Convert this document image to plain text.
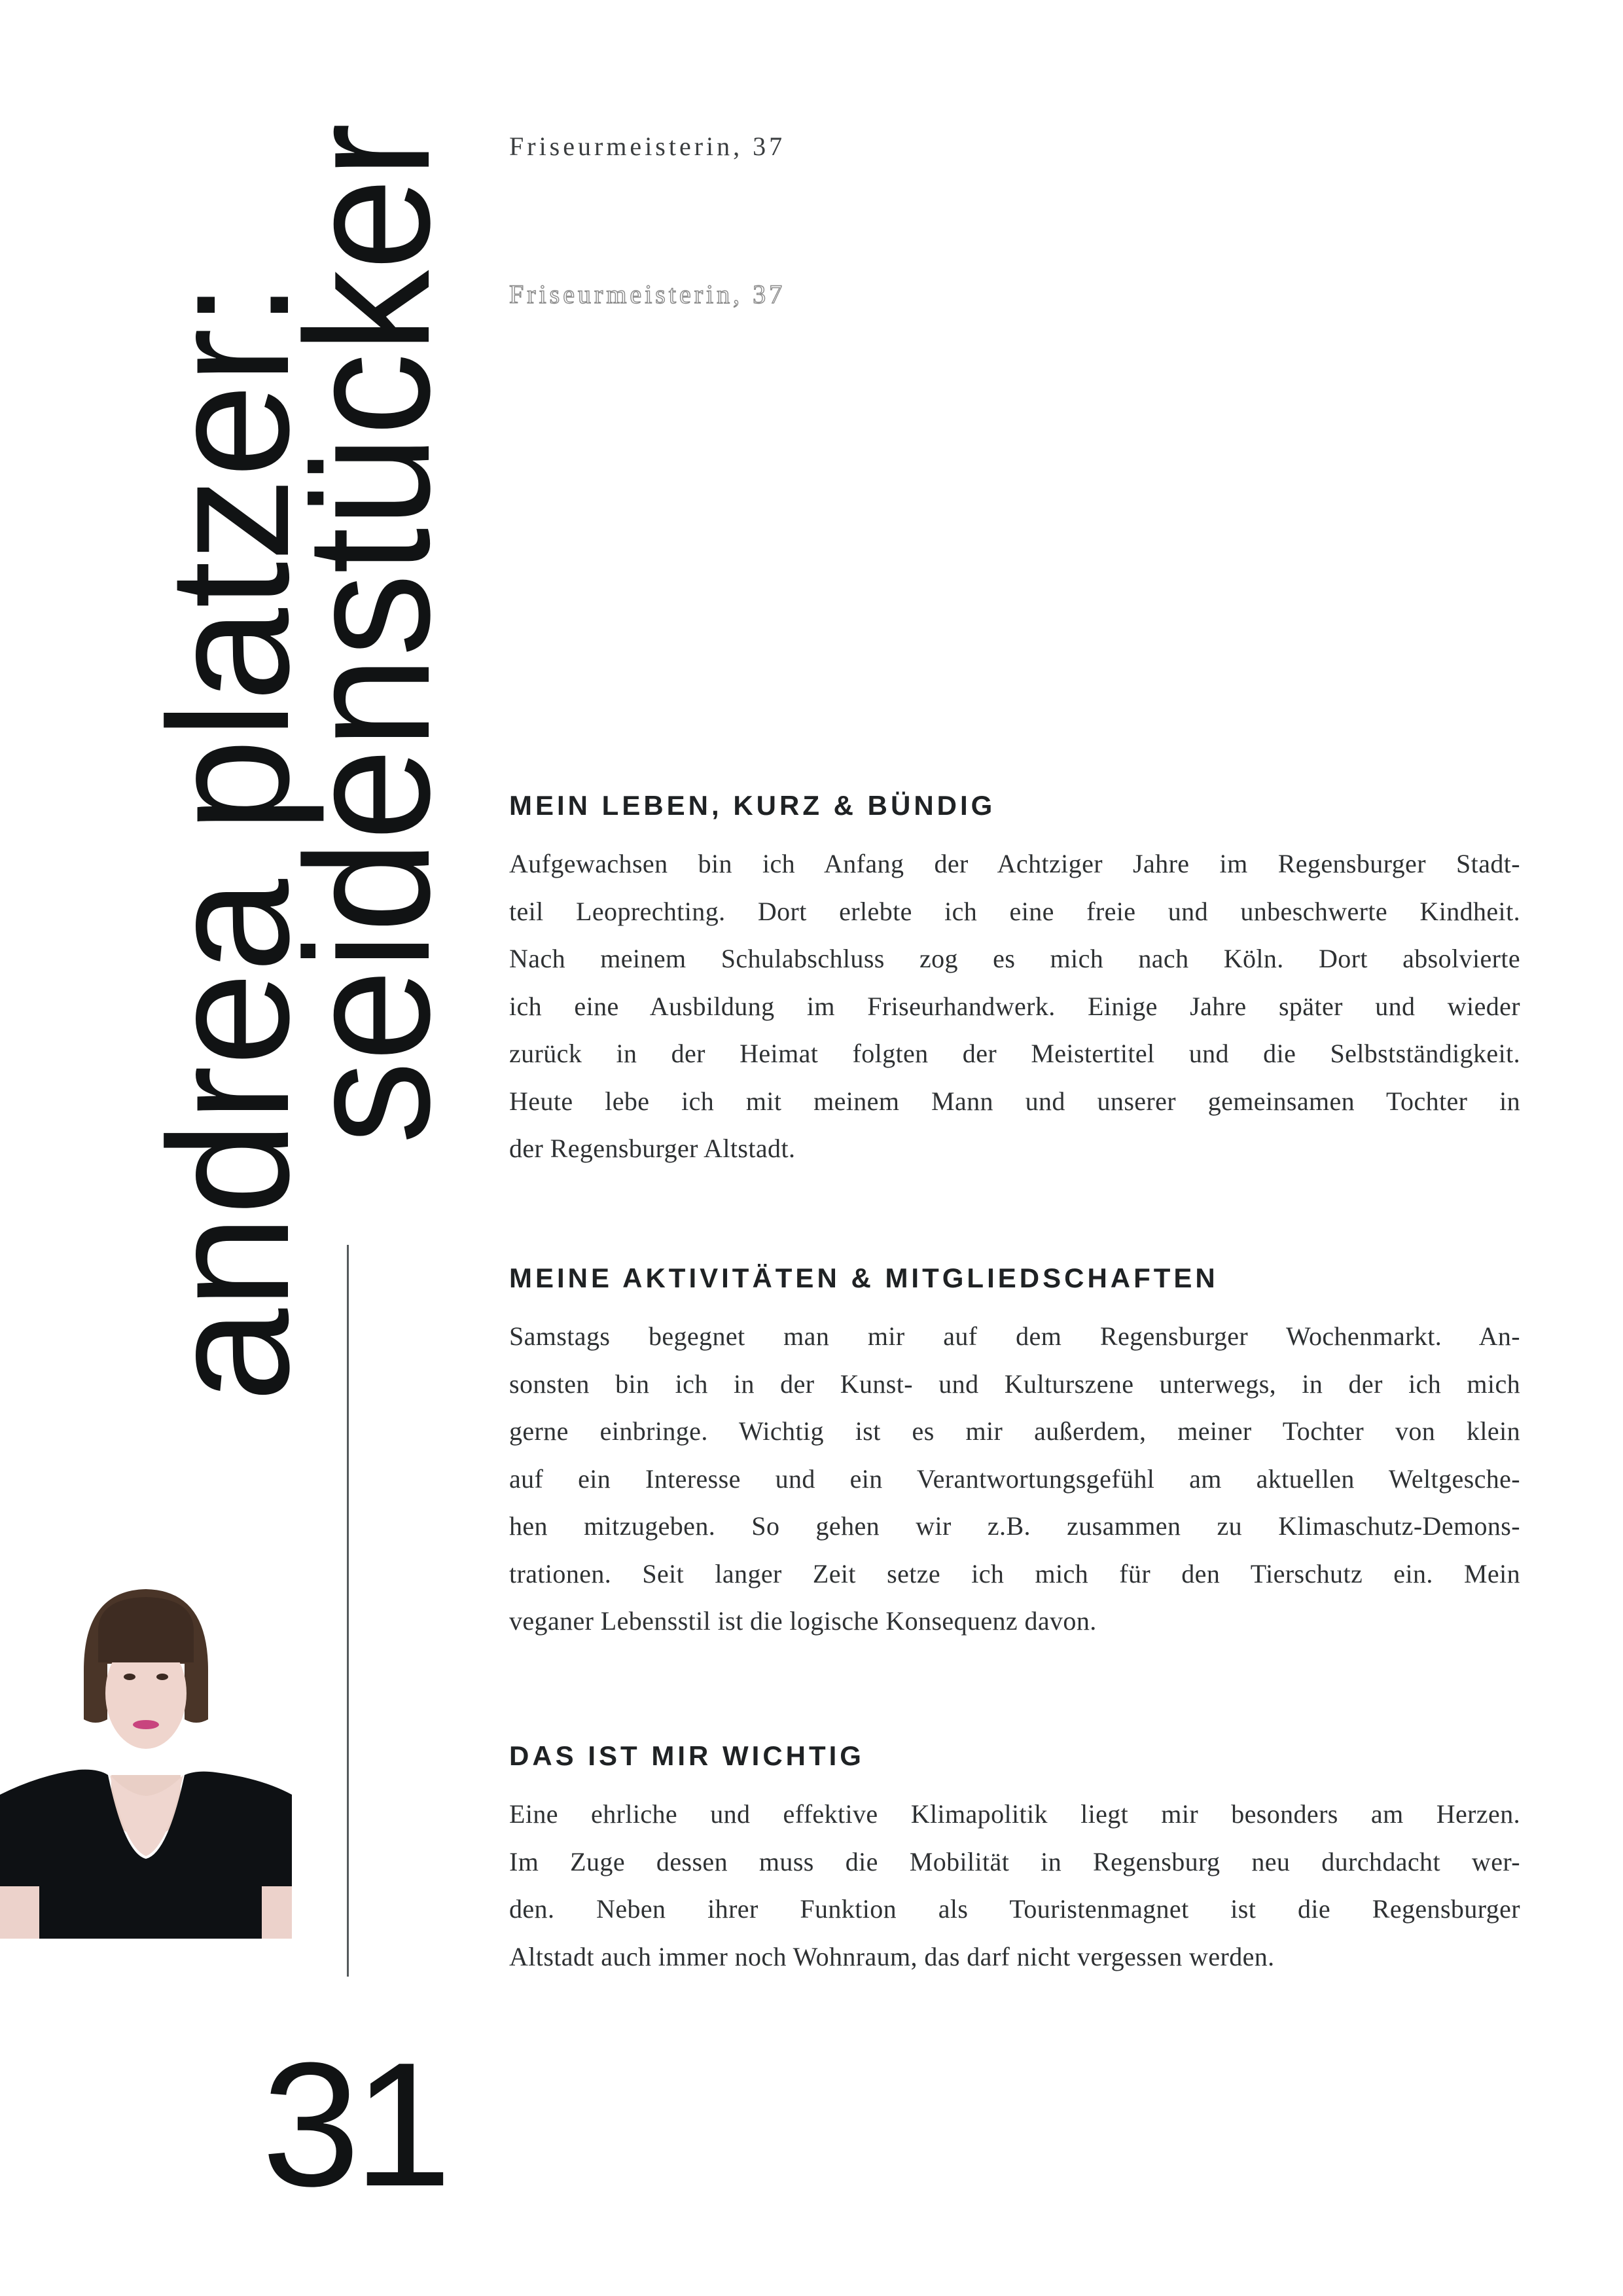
andrea platzer:
seidenstücker Friseurmeisterin, 37
Friseurmeisterin, 37
MEIN LEBEN, KURZ & BÜNDIG

Aufgewachsen bin ich Anfang der Achtziger Jahre im Regensburger Stadt-
teil Leoprechting. Dort erlebte ich eine freie und unbeschwerte Kindheit.
Nach meinem Schulabschluss zog es mich nach Köln. Dort absolvierte
ich eine Ausbildung im Friseurhandwerk. Einige Jahre später und wieder
zurück in der Heimat folgten der Meistertitel und die Selbstständigkeit.
Heute lebe ich mit meinem Mann und unserer gemeinsamen Tochter in
der Regensburger Altstadt.

MEINE AKTIVITÄTEN & MITGLIEDSCHAFTEN

Samstags begegnet man mir auf dem Regensburger Wochenmarkt. An-
sonsten bin ich in der Kunst- und Kulturszene unterwegs, in der ich mich
gerne einbringe. Wichtig ist es mir außerdem, meiner Tochter von klein
auf ein Interesse und ein Verantwortungsgefühl am aktuellen Weltgesche-
hen mitzugeben. So gehen wir z.B. zusammen zu Klimaschutz-Demons-
trationen. Seit langer Zeit setze ich mich für den Tierschutz ein. Mein
veganer Lebensstil ist die logische Konsequenz davon.

DAS IST MIR WICHTIG

Eine ehrliche und effektive Klimapolitik liegt mir besonders am Herzen.
Im Zuge dessen muss die Mobilität in Regensburg neu durchdacht wer-
den. Neben ihrer Funktion als Touristenmagnet ist die Regensburger
Altstadt auch immer noch Wohnraum, das darf nicht vergessen werden.

31
